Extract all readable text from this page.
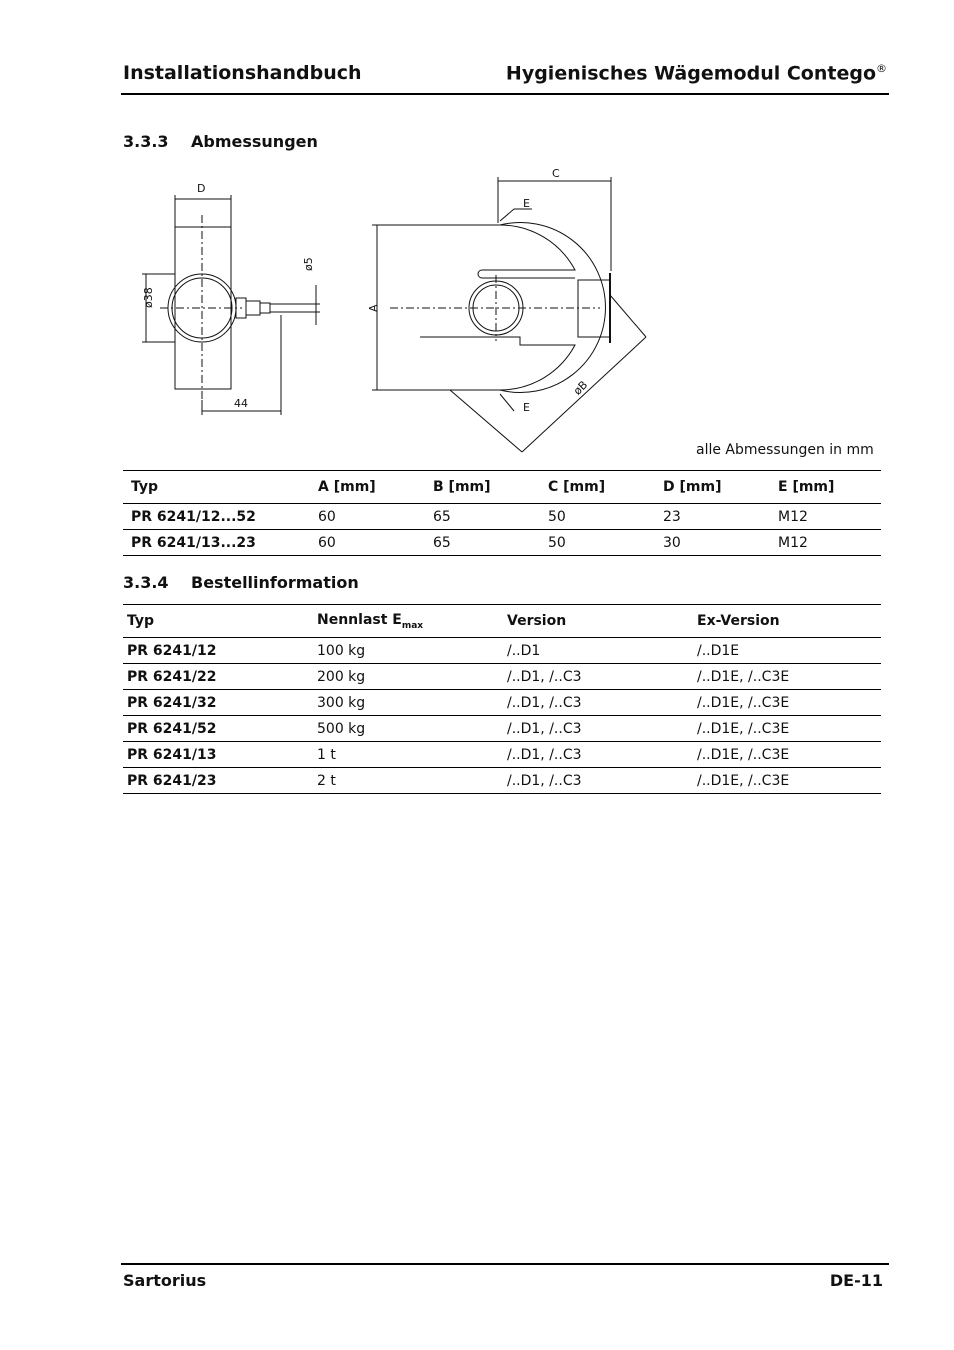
Installationshandbuch	Hygienisches Wägemodul Contego®
3.3.3 Abmessungen
D
ø38
ø5
44
A
C
E
E
øB
alle Abmessungen in mm
Typ	A [mm]	B [mm]	C [mm]	D [mm]	E [mm]
PR 6241/12...52	60	65	50	23	M12
PR 6241/13...23	60	65	50	30	M12
3.3.4 Bestellinformation
Typ	Nennlast $E_{max}$	Version	Ex-Version
PR 6241/12	100 kg	/..D1	/..D1E
PR 6241/22	200 kg	/..D1, /..C3	/..D1E, /..C3E
PR 6241/32	300 kg	/..D1, /..C3	/..D1E, /..C3E
PR 6241/52	500 kg	/..D1, /..C3	/..D1E, /..C3E
PR 6241/13	1 t	/..D1, /..C3	/..D1E, /..C3E
PR 6241/23	2 t	/..D1, /..C3	/..D1E, /..C3E
Sartorius	DE-11
